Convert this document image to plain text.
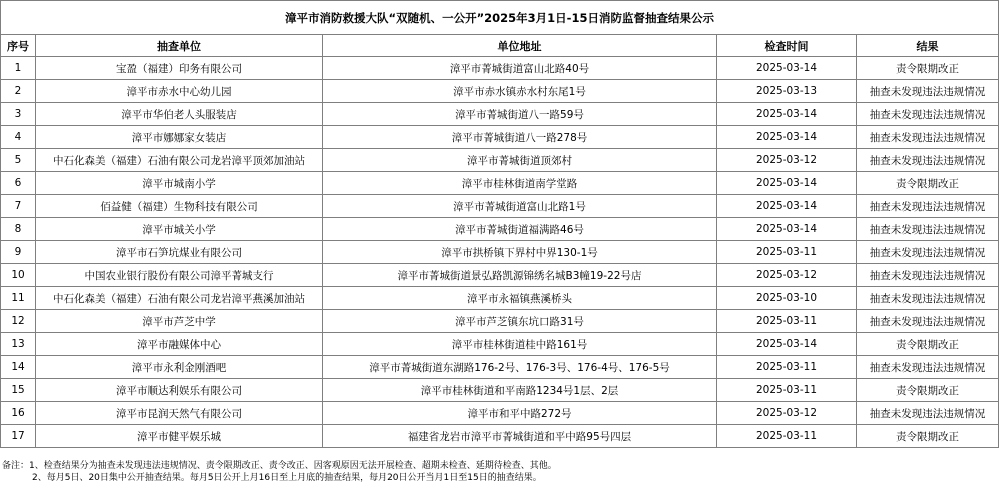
漳平市消防救援大队“双随机、一公开”2025年3月1日-15日消防监督抽查结果公示
序号	抽查单位	单位地址	检查时间	结果
1	宝盈（福建）印务有限公司	漳平市菁城街道富山北路40号	2025-03-14	责令限期改正
2	漳平市赤水中心幼儿园	漳平市赤水镇赤水村东尾1号	2025-03-13	抽查未发现违法违规情况
3	漳平市华伯老人头服装店	漳平市菁城街道八一路59号	2025-03-14	抽查未发现违法违规情况
4	漳平市娜娜家女装店	漳平市菁城街道八一路278号	2025-03-14	抽查未发现违法违规情况
5	中石化森美（福建）石油有限公司龙岩漳平顶郊加油站	漳平市菁城街道顶郊村	2025-03-12	抽查未发现违法违规情况
6	漳平市城南小学	漳平市桂林街道南学堂路	2025-03-14	责令限期改正
7	佰益健（福建）生物科技有限公司	漳平市菁城街道富山北路1号	2025-03-14	抽查未发现违法违规情况
8	漳平市城关小学	漳平市菁城街道福满路46号	2025-03-14	抽查未发现违法违规情况
9	漳平市石笋坑煤业有限公司	漳平市拱桥镇下界村中界130-1号	2025-03-11	抽查未发现违法违规情况
10	中国农业银行股份有限公司漳平菁城支行	漳平市菁城街道景弘路凯源锦绣名城B3幢19-22号店	2025-03-12	抽查未发现违法违规情况
11	中石化森美（福建）石油有限公司龙岩漳平燕溪加油站	漳平市永福镇燕溪桥头	2025-03-10	抽查未发现违法违规情况
12	漳平市芦芝中学	漳平市芦芝镇东坑口路31号	2025-03-11	抽查未发现违法违规情况
13	漳平市融媒体中心	漳平市桂林街道桂中路161号	2025-03-14	责令限期改正
14	漳平市永利金刚酒吧	漳平市菁城街道东湖路176-2号、176-3号、176-4号、176-5号	2025-03-11	抽查未发现违法违规情况
15	漳平市顺达利娱乐有限公司	漳平市桂林街道和平南路1234号1层、2层	2025-03-11	责令限期改正
16	漳平市昆润天然气有限公司	漳平市和平中路272号	2025-03-12	抽查未发现违法违规情况
17	漳平市健平娱乐城	福建省龙岩市漳平市菁城街道和平中路95号四层	2025-03-11	责令限期改正
备注：1、检查结果分为抽查未发现违法违规情况、责令限期改正、责令改正、因客观原因无法开展检查、超期未检查、延期待检查、其他。
2、每月5日、20日集中公开抽查结果。每月5日公开上月16日至上月底的抽查结果，每月20日公开当月1日至15日的抽查结果。
